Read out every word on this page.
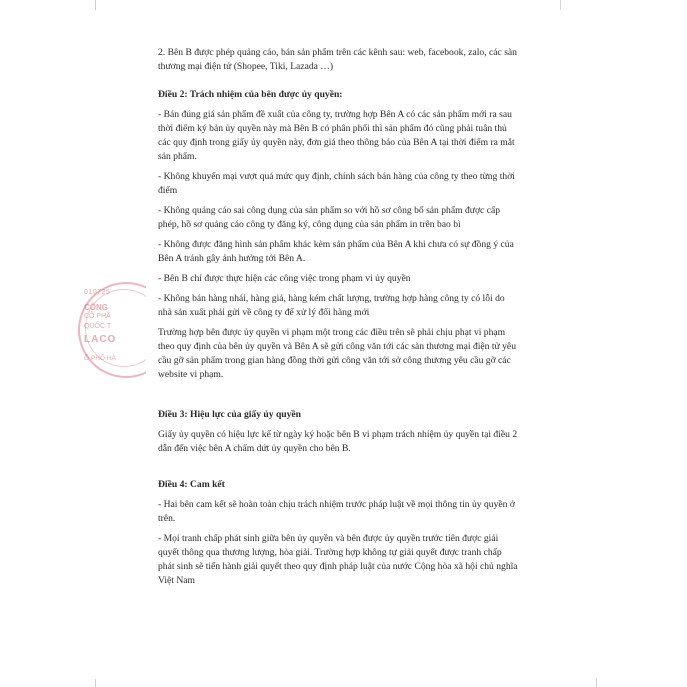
010725
CÔNG
CỔ PHẦ
QUỐC T
LACO
Ố PHỐ HÀ

2. Bên B được phép quảng cáo, bán sản phẩm trên các kênh sau: web, facebook, zalo, các sàn thương mại điện tử (Shopee, Tiki, Lazada …)

Điều 2: Trách nhiệm của bên được ủy quyền:

- Bán đúng giá sản phẩm đề xuất của công ty, trường hợp Bên A có các sản phẩm mới ra sau thời điểm ký bản ủy quyền này mà Bên B có phân phối thì sản phẩm đó cũng phải tuân thủ các quy định trong giấy ủy quyền này, đơn giá theo thông báo của Bên A tại thời điểm ra mắt sản phẩm.

- Không khuyến mại vượt quá mức quy định, chính sách bán hàng của công ty theo từng thời điểm

- Không quảng cáo sai công dụng của sản phẩm so với hồ sơ công bố sản phẩm được cấp phép, hồ sơ quảng cáo công ty đăng ký, công dụng của sản phẩm in trên bao bì

- Không được đăng hình sản phẩm khác kèm sản phẩm của Bên A khi chưa có sự đồng ý của Bên A tránh gây ảnh hưởng tới Bên A.

- Bên B chỉ được thực hiện các công việc trong phạm vi ủy quyền

- Không bán hàng nhái, hàng giả, hàng kém chất lượng, trường hợp hàng công ty có lỗi do nhà sản xuất phải gửi về công ty để xử lý đổi hàng mới

Trường hợp bên được ủy quyền vi phạm một trong các điều trên sẽ phải chịu phạt vi phạm theo quy định của bên ủy quyền và Bên A sẽ gửi công văn tới các sàn thương mại điện tử yêu cầu gỡ sản phẩm trong gian hàng đồng thời gửi công văn tới sở công thương yêu cầu gỡ các website vi phạm.

Điều 3: Hiệu lực của giấy ủy quyền

Giấy ủy quyền có hiệu lực kể từ ngày ký hoặc bên B vi phạm trách nhiệm ủy quyền tại điều 2 dẫn đến việc bên A chấm dứt ủy quyền cho bên B.

Điều 4: Cam kết

- Hai bên cam kết sẽ hoàn toàn chịu trách nhiệm trước pháp luật về mọi thông tin ủy quyền ở trên.

- Mọi tranh chấp phát sinh giữa bên ủy quyền và bên được ủy quyền trước tiên được giải quyết thông qua thương lượng, hòa giải. Trường hợp không tự giải quyết được tranh chấp phát sinh sẽ tiến hành giải quyết theo quy định pháp luật của nước Cộng hòa xã hội chủ nghĩa Việt Nam
